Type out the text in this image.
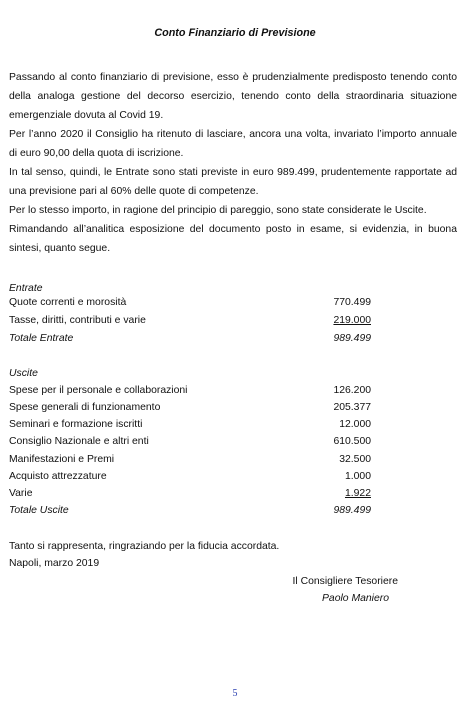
Conto Finanziario di Previsione

Passando al conto finanziario di previsione, esso è prudenzialmente predisposto tenendo conto della analoga gestione del decorso esercizio, tenendo conto della straordinaria situazione emergenziale dovuta al Covid 19.

Per l’anno 2020 il Consiglio ha ritenuto di lasciare, ancora una volta, invariato l’importo annuale di euro 90,00 della quota di iscrizione.

In tal senso, quindi, le Entrate sono stati previste in euro 989.499, prudentemente rapportate ad una previsione pari al 60% delle quote di competenze.

Per lo stesso importo, in ragione del principio di pareggio, sono state considerate le Uscite.

Rimandando all’analitica esposizione del documento posto in esame, si evidenzia, in buona sintesi, quanto segue.

Entrate
Quote correnti e morosità	770.499
Tasse, diritti, contributi e varie	219.000
Totale Entrate	989.499
Uscite
Spese per il personale e collaborazioni	126.200
Spese generali di funzionamento	205.377
Seminari e formazione iscritti	12.000
Consiglio Nazionale e altri enti	610.500
Manifestazioni e Premi	32.500
Acquisto attrezzature	1.000
Varie	1.922
Totale Uscite	989.499
Tanto si rappresenta, ringraziando per la fiducia accordata.
Napoli, marzo 2019
Il Consigliere Tesoriere
Paolo Maniero
5
